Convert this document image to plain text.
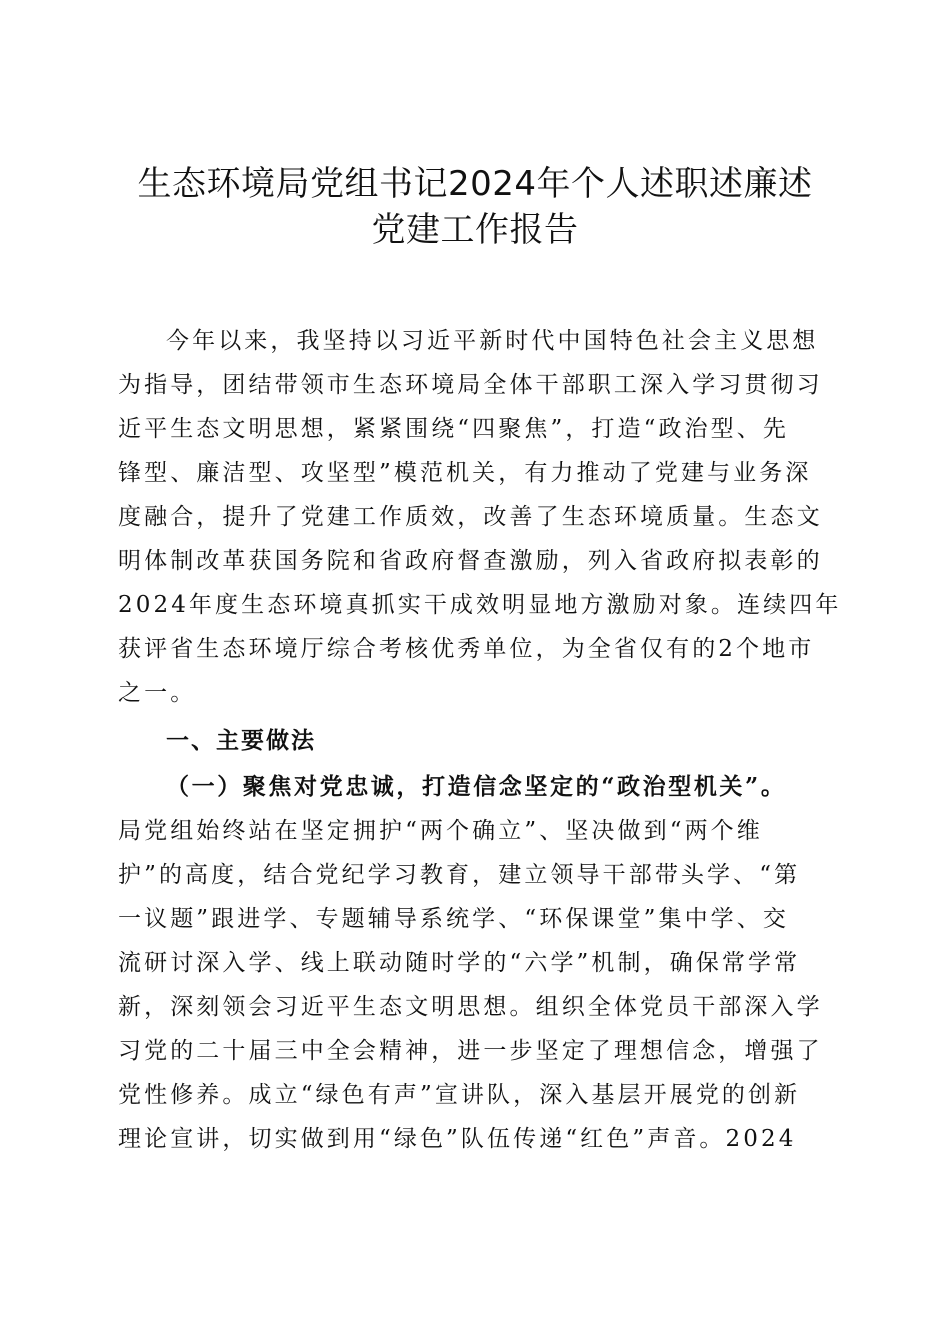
生态环境局党组书记2024年个人述职述廉述
党建工作报告

今年以来，我坚持以习近平新时代中国特色社会主义思想

为指导，团结带领市生态环境局全体干部职工深入学习贯彻习

近平生态文明思想，紧紧围绕“四聚焦”，打造“政治型、先

锋型、廉洁型、攻坚型”模范机关，有力推动了党建与业务深

度融合，提升了党建工作质效，改善了生态环境质量。生态文

明体制改革获国务院和省政府督查激励，列入省政府拟表彰的

2024年度生态环境真抓实干成效明显地方激励对象。连续四年

获评省生态环境厅综合考核优秀单位，为全省仅有的2个地市

之一。

一、主要做法

（一）聚焦对党忠诚，打造信念坚定的“政治型机关”。

局党组始终站在坚定拥护“两个确立”、坚决做到“两个维

护”的高度，结合党纪学习教育，建立领导干部带头学、“第

一议题”跟进学、专题辅导系统学、“环保课堂”集中学、交

流研讨深入学、线上联动随时学的“六学”机制，确保常学常

新，深刻领会习近平生态文明思想。组织全体党员干部深入学

习党的二十届三中全会精神，进一步坚定了理想信念，增强了

党性修养。成立“绿色有声”宣讲队，深入基层开展党的创新

理论宣讲，切实做到用“绿色”队伍传递“红色”声音。2024
